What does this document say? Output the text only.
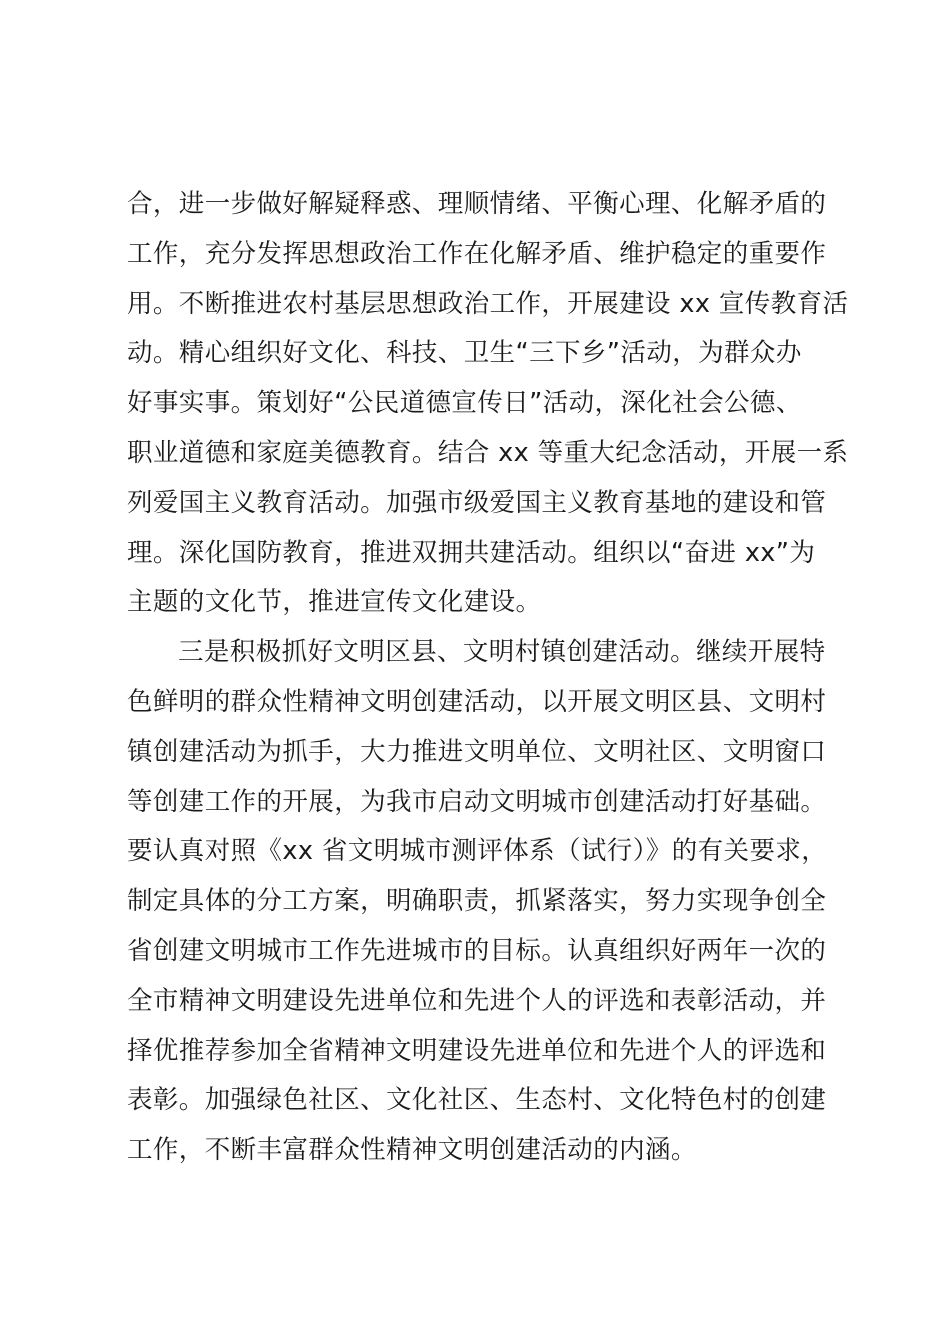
合，进一步做好解疑释惑、理顺情绪、平衡心理、化解矛盾的
工作，充分发挥思想政治工作在化解矛盾、维护稳定的重要作
用。不断推进农村基层思想政治工作，开展建设 xx 宣传教育活
动。精心组织好文化、科技、卫生“三下乡”活动，为群众办
好事实事。策划好“公民道德宣传日”活动，深化社会公德、
职业道德和家庭美德教育。结合 xx 等重大纪念活动，开展一系
列爱国主义教育活动。加强市级爱国主义教育基地的建设和管
理。深化国防教育，推进双拥共建活动。组织以“奋进 xx”为
主题的文化节，推进宣传文化建设。
三是积极抓好文明区县、文明村镇创建活动。继续开展特
色鲜明的群众性精神文明创建活动，以开展文明区县、文明村
镇创建活动为抓手，大力推进文明单位、文明社区、文明窗口
等创建工作的开展，为我市启动文明城市创建活动打好基础。
要认真对照《xx 省文明城市测评体系（试行）》的有关要求，
制定具体的分工方案，明确职责，抓紧落实，努力实现争创全
省创建文明城市工作先进城市的目标。认真组织好两年一次的
全市精神文明建设先进单位和先进个人的评选和表彰活动，并
择优推荐参加全省精神文明建设先进单位和先进个人的评选和
表彰。加强绿色社区、文化社区、生态村、文化特色村的创建
工作，不断丰富群众性精神文明创建活动的内涵。
